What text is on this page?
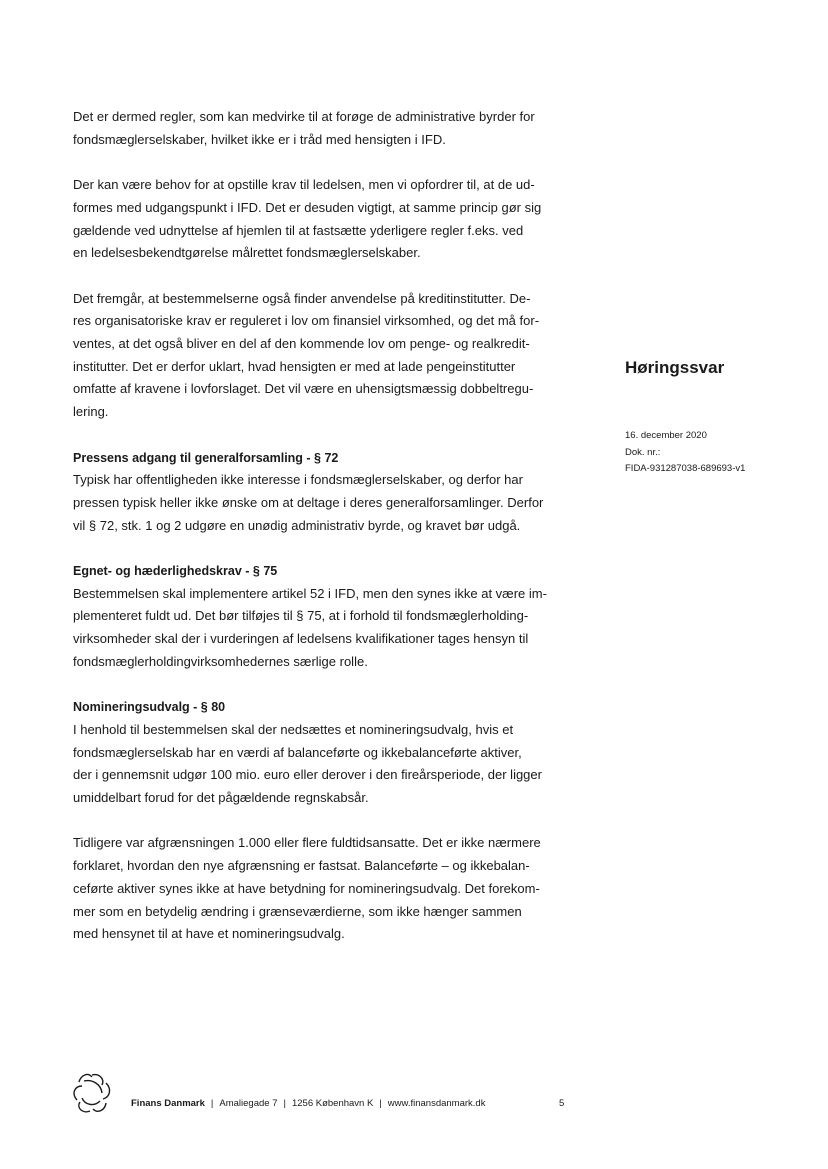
Det er dermed regler, som kan medvirke til at forøge de administrative byrder for
fondsmæglerselskaber, hvilket ikke er i tråd med hensigten i IFD.
Der kan være behov for at opstille krav til ledelsen, men vi opfordrer til, at de ud-
formes med udgangspunkt i IFD. Det er desuden vigtigt, at samme princip gør sig
gældende ved udnyttelse af hjemlen til at fastsætte yderligere regler f.eks. ved
en ledelsesbekendtgørelse målrettet fondsmæglerselskaber.
Det fremgår, at bestemmelserne også finder anvendelse på kreditinstitutter. De-
res organisatoriske krav er reguleret i lov om finansiel virksomhed, og det må for-
ventes, at det også bliver en del af den kommende lov om penge- og realkredit-
institutter. Det er derfor uklart, hvad hensigten er med at lade pengeinstitutter
omfatte af kravene i lovforslaget. Det vil være en uhensigtsmæssig dobbeltregu-
lering.
Pressens adgang til generalforsamling - § 72
Typisk har offentligheden ikke interesse i fondsmæglerselskaber, og derfor har
pressen typisk heller ikke ønske om at deltage i deres generalforsamlinger. Derfor
vil § 72, stk. 1 og 2 udgøre en unødig administrativ byrde, og kravet bør udgå.
Egnet- og hæderlighedskrav - § 75
Bestemmelsen skal implementere artikel 52 i IFD, men den synes ikke at være im-
plementeret fuldt ud. Det bør tilføjes til § 75, at i forhold til fondsmæglerholding-
virksomheder skal der i vurderingen af ledelsens kvalifikationer tages hensyn til
fondsmæglerholdingvirksomhedernes særlige rolle.
Nomineringsudvalg - § 80
I henhold til bestemmelsen skal der nedsættes et nomineringsudvalg, hvis et
fondsmæglerselskab har en værdi af balanceførte og ikkebalanceførte aktiver,
der i gennemsnit udgør 100 mio. euro eller derover i den fireårsperiode, der ligger
umiddelbart forud for det pågældende regnskabsår.
Tidligere var afgrænsningen 1.000 eller flere fuldtidsansatte. Det er ikke nærmere
forklaret, hvordan den nye afgrænsning er fastsat. Balanceførte – og ikkebalan-
ceførte aktiver synes ikke at have betydning for nomineringsudvalg. Det forekom-
mer som en betydelig ændring i grænseværdierne, som ikke hænger sammen
med hensynet til at have et nomineringsudvalg.
Høringssvar
16. december 2020
Dok. nr.:
FIDA-931287038-689693-v1
Finans Danmark | Amaliegade 7 | 1256 København K | www.finansdanmark.dk	5
